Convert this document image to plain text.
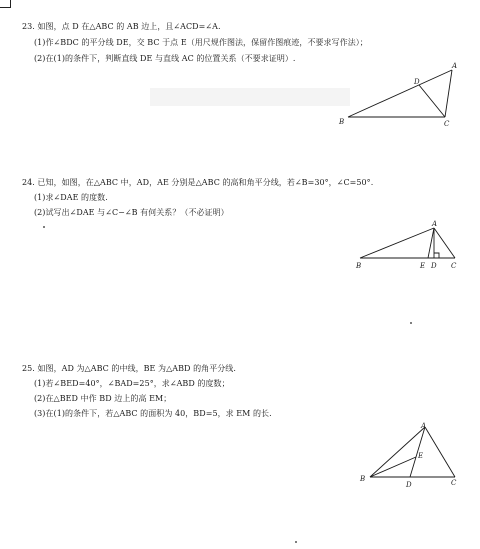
23. 如图，点 D 在△ABC 的 AB 边上，且∠ACD=∠A.
(1)作∠BDC 的平分线 DE，交 BC 于点 E（用尺规作图法，保留作图痕迹，不要求写作法）；
(2)在(1)的条件下，判断直线 DE 与直线 AC 的位置关系（不要求证明）.
A
B	C
D
24. 已知，如图，在△ABC 中，AD，AE 分别是△ABC 的高和角平分线，若∠B=30°，∠C=50°.
(1)求∠DAE 的度数.
(2)试写出∠DAE 与∠C−∠B 有何关系？（不必证明）
A
B	E D C
25. 如图，AD 为△ABC 的中线，BE 为△ABD 的角平分线.
(1)若∠BED=40°，∠BAD=25°，求∠ABD 的度数；
(2)在△BED 中作 BD 边上的高 EM；
(3)在(1)的条件下，若△ABC 的面积为 40，BD=5，求 EM 的长.
A
E
B
D	C
